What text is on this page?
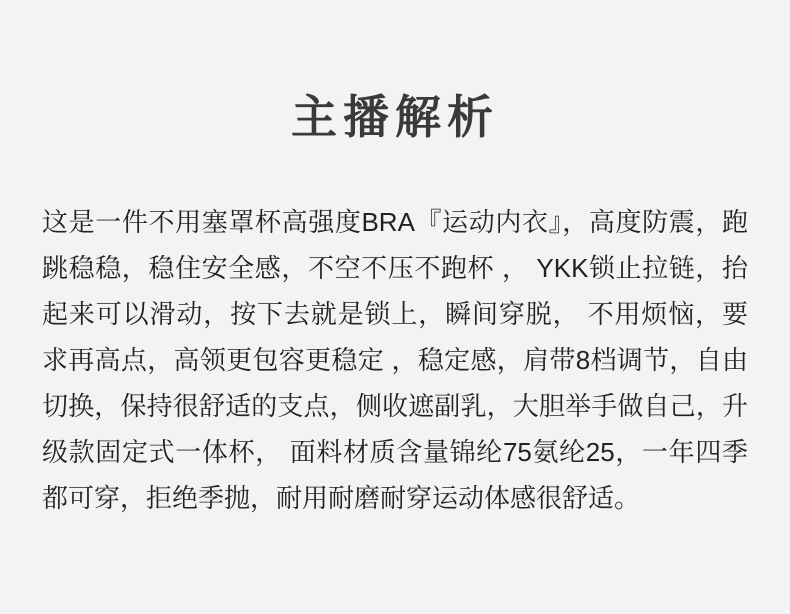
主播解析

这是一件不用塞罩杯高强度BRA『运动内衣』，高度防震，跑跳稳稳，稳住安全感，不空不压不跑杯 ， YKK锁止拉链，抬起来可以滑动，按下去就是锁上，瞬间穿脱， 不用烦恼，要求再高点，高领更包容更稳定 ，稳定感，肩带8档调节，自由切换，保持很舒适的支点，侧收遮副乳，大胆举手做自己，升级款固定式一体杯， 面料材质含量锦纶75氨纶25，一年四季都可穿，拒绝季抛，耐用耐磨耐穿运动体感很舒适。
